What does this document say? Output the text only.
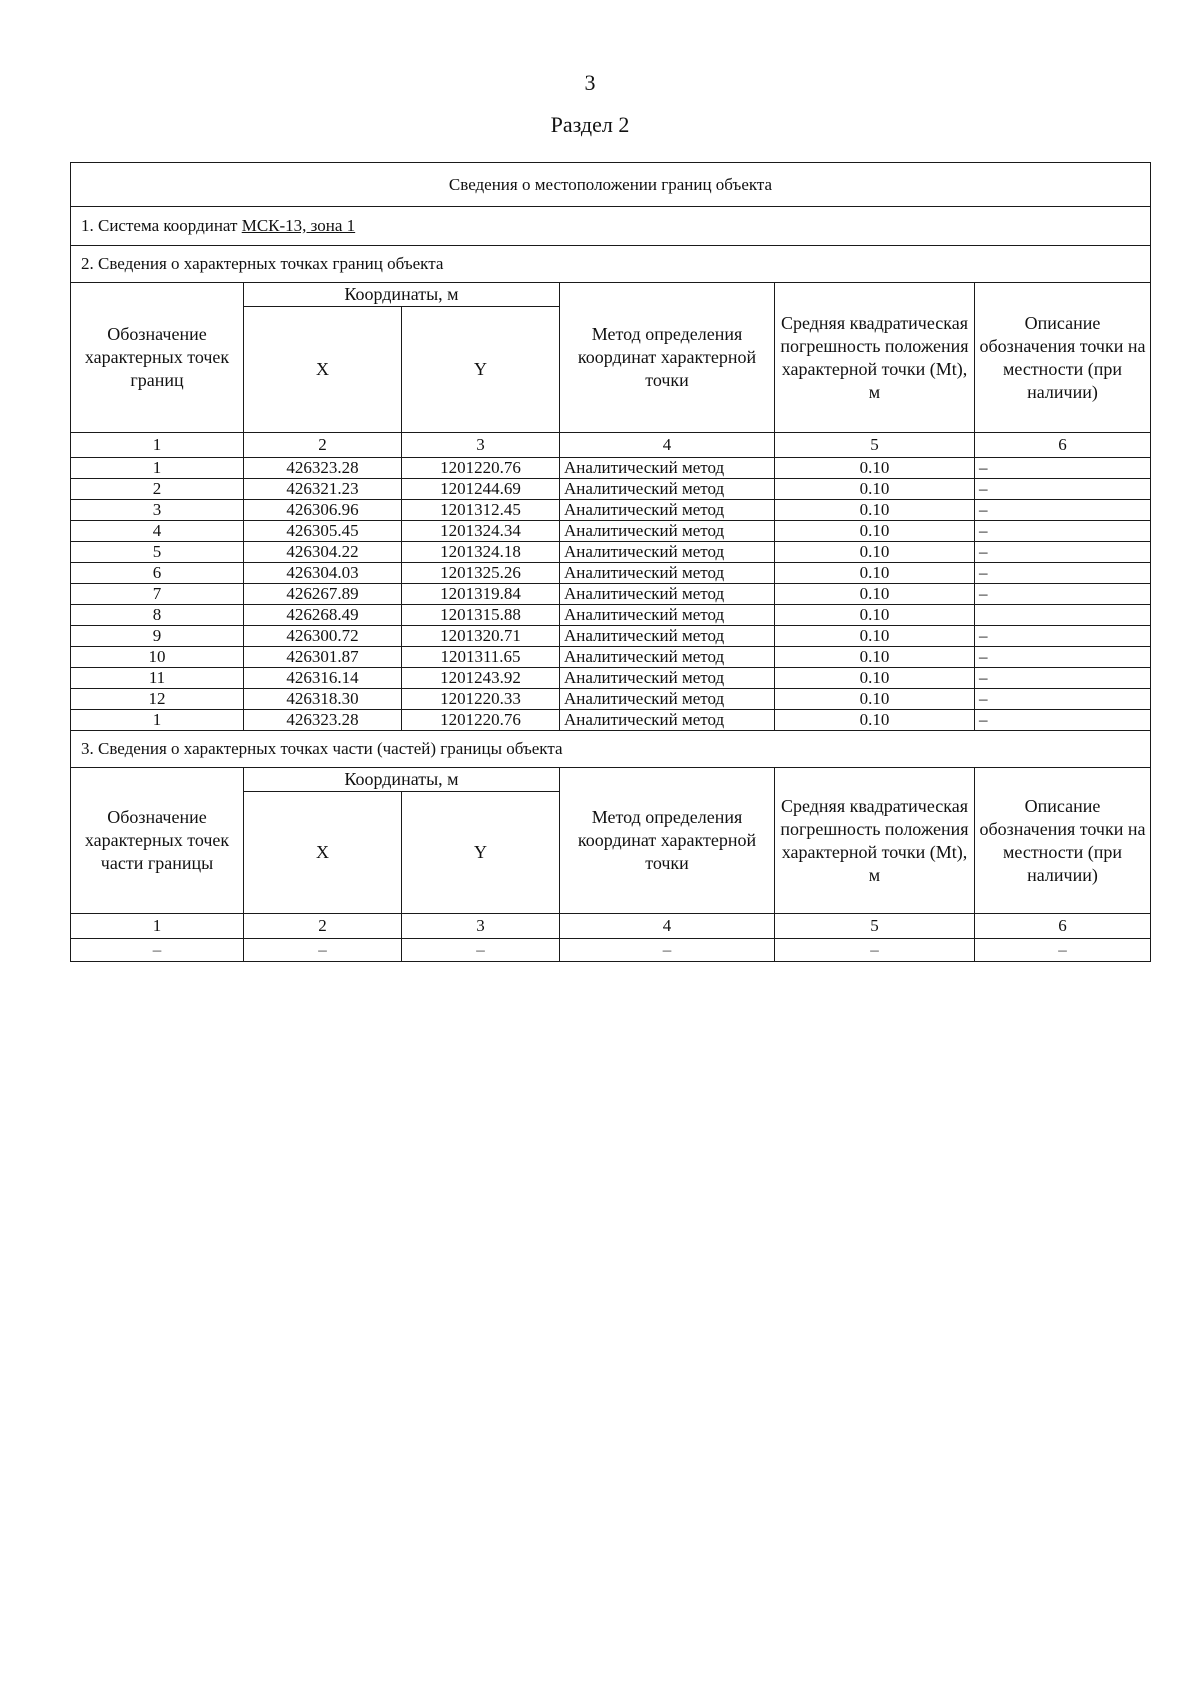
3
Раздел 2
Сведения о местоположении границ объекта					
1. Система координат МСК-13, зона 1					
2. Сведения о характерных точках границ объекта					
Обозначение характерных точек границ	Координаты, м		Метод определения координат характерной точки	Средняя квадратическая погрешность положения характерной точки (Mt), м	Описание обозначения точки на местности (при наличии)
	X	Y			
1	2	3	4	5	6
1	426323.28	1201220.76	Аналитический метод	0.10	–
2	426321.23	1201244.69	Аналитический метод	0.10	–
3	426306.96	1201312.45	Аналитический метод	0.10	–
4	426305.45	1201324.34	Аналитический метод	0.10	–
5	426304.22	1201324.18	Аналитический метод	0.10	–
6	426304.03	1201325.26	Аналитический метод	0.10	–
7	426267.89	1201319.84	Аналитический метод	0.10	–
8	426268.49	1201315.88	Аналитический метод	0.10	
9	426300.72	1201320.71	Аналитический метод	0.10	–
10	426301.87	1201311.65	Аналитический метод	0.10	–
11	426316.14	1201243.92	Аналитический метод	0.10	–
12	426318.30	1201220.33	Аналитический метод	0.10	–
1	426323.28	1201220.76	Аналитический метод	0.10	–
3. Сведения о характерных точках части (частей) границы объекта					
Обозначение характерных точек части границы	Координаты, м		Метод определения координат характерной точки	Средняя квадратическая погрешность положения характерной точки (Mt), м	Описание обозначения точки на местности (при наличии)
	X	Y			
1	2	3	4	5	6
–	–	–	–	–	–
